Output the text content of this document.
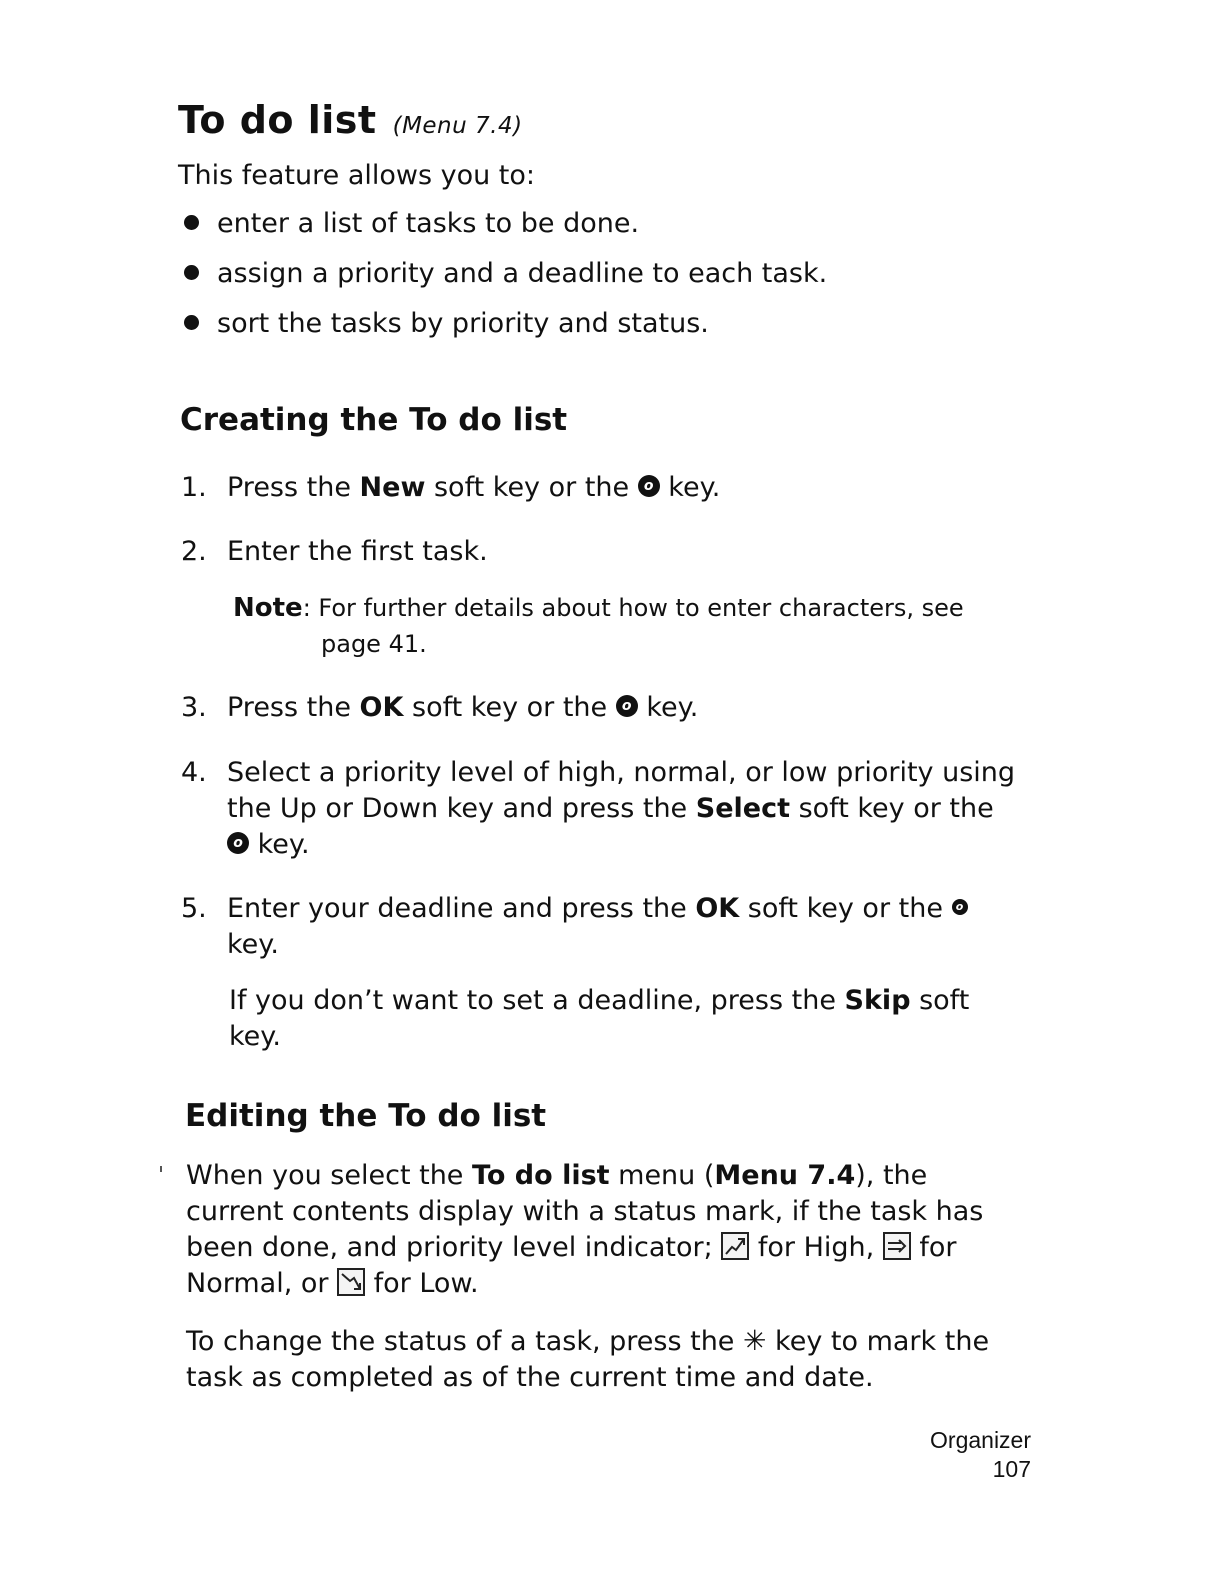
To do list (Menu 7.4)
This feature allows you to:
enter a list of tasks to be done.
assign a priority and a deadline to each task.
sort the tasks by priority and status.
Creating the To do list
1. Press the New soft key or the o key.
2. Enter the first task.
Note: For further details about how to enter characters, see
page 41.
3. Press the OK soft key or the o key.
4. Select a priority level of high, normal, or low priority using
the Up or Down key and press the Select soft key or the
o key.
5. Enter your deadline and press the OK soft key or the o
key.
If you don’t want to set a deadline, press the Skip soft
key.
Editing the To do list
When you select the To do list menu (Menu 7.4), the
current contents display with a status mark, if the task has
been done, and priority level indicator;
for High,
for
Normal, or
for Low.
To change the status of a task, press the ✳ key to mark the
task as completed as of the current time and date.
Organizer
107
